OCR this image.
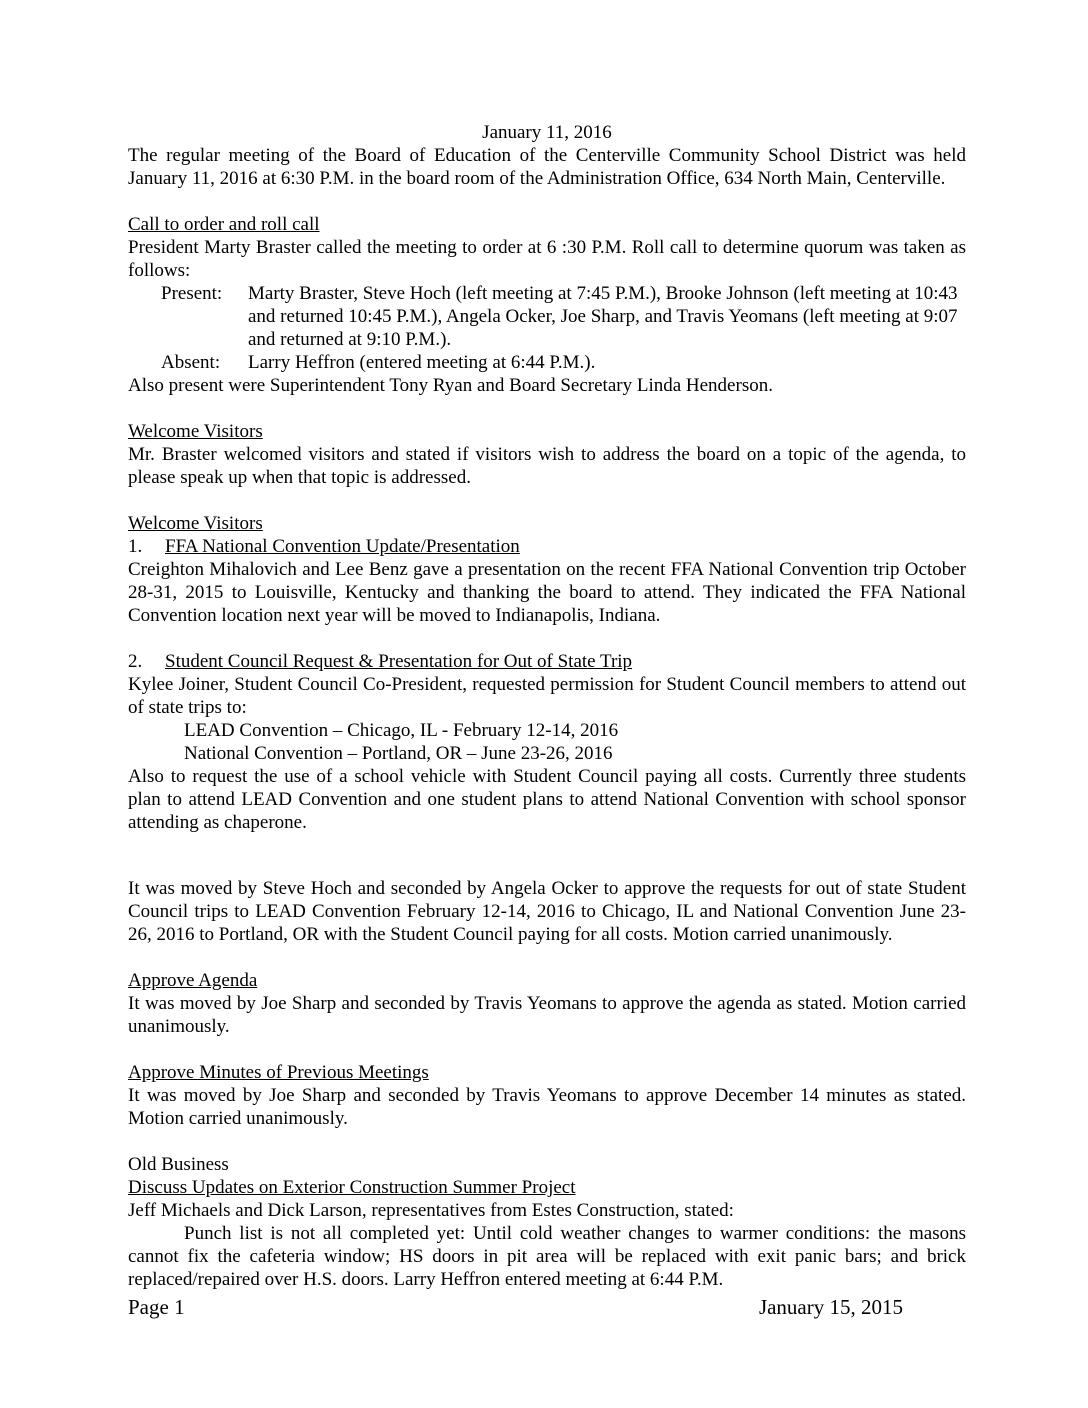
January 11, 2016

The regular meeting of the Board of Education of the Centerville Community School District was held January 11, 2016 at 6:30 P.M. in the board room of the Administration Office, 634 North Main, Centerville.

Call to order and roll call

President Marty Braster called the meeting to order at 6 :30 P.M. Roll call to determine quorum was taken as follows:

Present:	Marty Braster, Steve Hoch (left meeting at 7:45 P.M.), Brooke Johnson (left meeting at 10:43 and returned 10:45 P.M.), Angela Ocker, Joe Sharp, and Travis Yeomans (left meeting at 9:07 and returned at 9:10 P.M.).
Absent:	Larry Heffron (entered meeting at 6:44 P.M.).

Also present were Superintendent Tony Ryan and Board Secretary Linda Henderson.

Welcome Visitors

Mr. Braster welcomed visitors and stated if visitors wish to address the board on a topic of the agenda, to please speak up when that topic is addressed.

Welcome Visitors

1.	FFA National Convention Update/Presentation

Creighton Mihalovich and Lee Benz gave a presentation on the recent FFA National Convention trip October 28-31, 2015 to Louisville, Kentucky and thanking the board to attend. They indicated the FFA National Convention location next year will be moved to Indianapolis, Indiana.

2.	Student Council Request & Presentation for Out of State Trip

Kylee Joiner, Student Council Co-President, requested permission for Student Council members to attend out of state trips to:

LEAD Convention – Chicago, IL - February 12-14, 2016

National Convention – Portland, OR – June 23-26, 2016

Also to request the use of a school vehicle with Student Council paying all costs. Currently three students plan to attend LEAD Convention and one student plans to attend National Convention with school sponsor attending as chaperone.

It was moved by Steve Hoch and seconded by Angela Ocker to approve the requests for out of state Student Council trips to LEAD Convention February 12-14, 2016 to Chicago, IL and National Convention June 23-26, 2016 to Portland, OR with the Student Council paying for all costs. Motion carried unanimously.

Approve Agenda

It was moved by Joe Sharp and seconded by Travis Yeomans to approve the agenda as stated. Motion carried unanimously.

Approve Minutes of Previous Meetings

It was moved by Joe Sharp and seconded by Travis Yeomans to approve December 14 minutes as stated. Motion carried unanimously.

Old Business

Discuss Updates on Exterior Construction Summer Project

Jeff Michaels and Dick Larson, representatives from Estes Construction, stated:

Punch list is not all completed yet: Until cold weather changes to warmer conditions: the masons cannot fix the cafeteria window; HS doors in pit area will be replaced with exit panic bars; and brick replaced/repaired over H.S. doors. Larry Heffron entered meeting at 6:44 P.M.

Page 1	January 15, 2015
